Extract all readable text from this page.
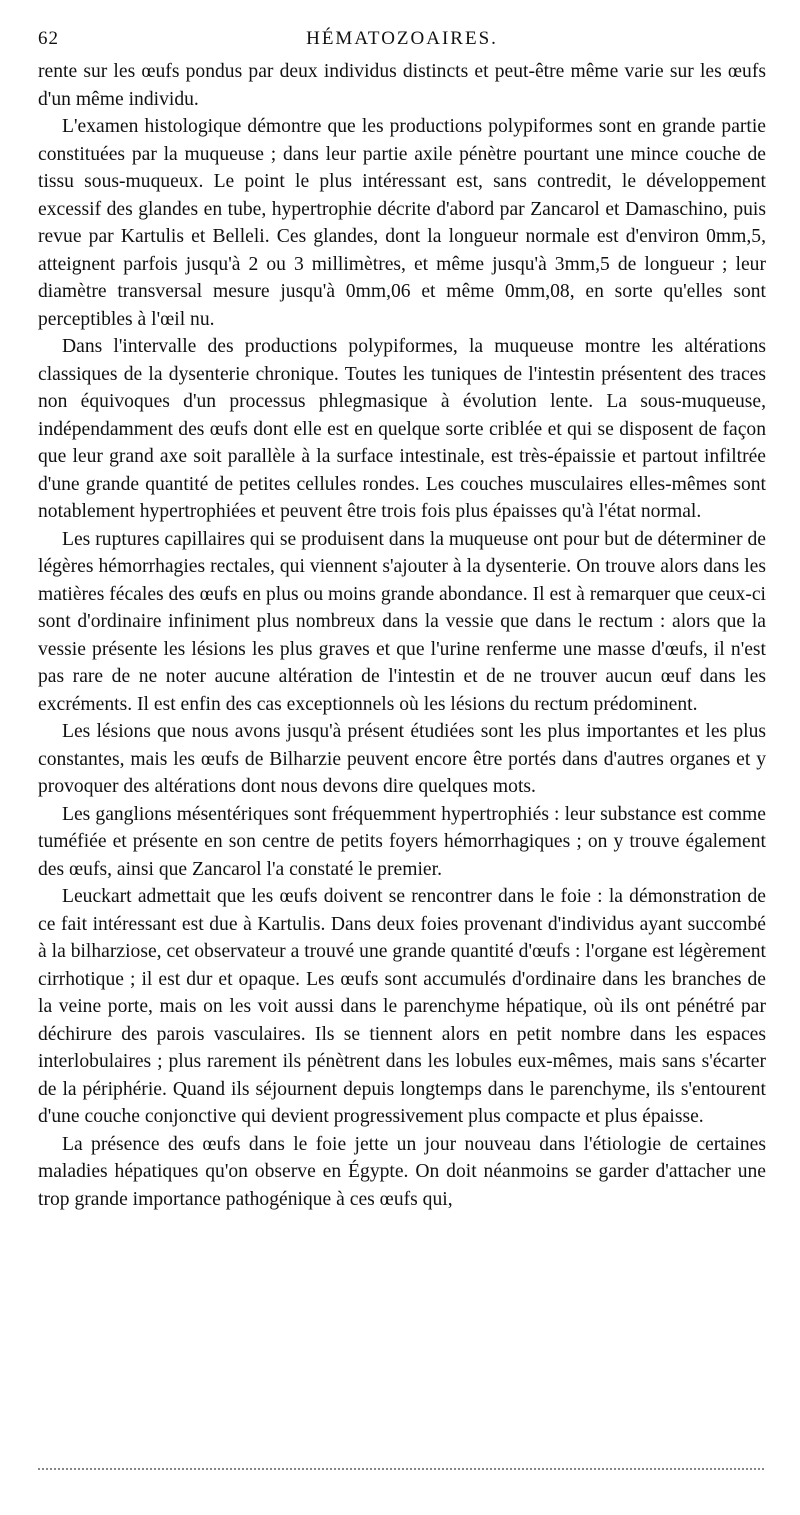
62	HÉMATOZOAIRES.

rente sur les œufs pondus par deux individus distincts et peut-être même varie sur les œufs d'un même individu.

L'examen histologique démontre que les productions polypiformes sont en grande partie constituées par la muqueuse ; dans leur partie axile pénètre pourtant une mince couche de tissu sous-muqueux. Le point le plus intéressant est, sans contredit, le développement excessif des glandes en tube, hypertrophie décrite d'abord par Zancarol et Damaschino, puis revue par Kartulis et Belleli. Ces glandes, dont la longueur normale est d'environ 0mm,5, atteignent parfois jusqu'à 2 ou 3 millimètres, et même jusqu'à 3mm,5 de longueur ; leur diamètre transversal mesure jusqu'à 0mm,06 et même 0mm,08, en sorte qu'elles sont perceptibles à l'œil nu.

Dans l'intervalle des productions polypiformes, la muqueuse montre les altérations classiques de la dysenterie chronique. Toutes les tuniques de l'intestin présentent des traces non équivoques d'un processus phlegmasique à évolution lente. La sous-muqueuse, indépendamment des œufs dont elle est en quelque sorte criblée et qui se disposent de façon que leur grand axe soit parallèle à la surface intestinale, est très-épaissie et partout infiltrée d'une grande quantité de petites cellules rondes. Les couches musculaires elles-mêmes sont notablement hypertrophiées et peuvent être trois fois plus épaisses qu'à l'état normal.

Les ruptures capillaires qui se produisent dans la muqueuse ont pour but de déterminer de légères hémorrhagies rectales, qui viennent s'ajouter à la dysenterie. On trouve alors dans les matières fécales des œufs en plus ou moins grande abondance. Il est à remarquer que ceux-ci sont d'ordinaire infiniment plus nombreux dans la vessie que dans le rectum : alors que la vessie présente les lésions les plus graves et que l'urine renferme une masse d'œufs, il n'est pas rare de ne noter aucune altération de l'intestin et de ne trouver aucun œuf dans les excréments. Il est enfin des cas exceptionnels où les lésions du rectum prédominent.

Les lésions que nous avons jusqu'à présent étudiées sont les plus importantes et les plus constantes, mais les œufs de Bilharzie peuvent encore être portés dans d'autres organes et y provoquer des altérations dont nous devons dire quelques mots.

Les ganglions mésentériques sont fréquemment hypertrophiés : leur substance est comme tuméfiée et présente en son centre de petits foyers hémorrhagiques ; on y trouve également des œufs, ainsi que Zancarol l'a constaté le premier.

Leuckart admettait que les œufs doivent se rencontrer dans le foie : la démonstration de ce fait intéressant est due à Kartulis. Dans deux foies provenant d'individus ayant succombé à la bilharziose, cet observateur a trouvé une grande quantité d'œufs : l'organe est légèrement cirrhotique ; il est dur et opaque. Les œufs sont accumulés d'ordinaire dans les branches de la veine porte, mais on les voit aussi dans le parenchyme hépatique, où ils ont pénétré par déchirure des parois vasculaires. Ils se tiennent alors en petit nombre dans les espaces interlobulaires ; plus rarement ils pénètrent dans les lobules eux-mêmes, mais sans s'écarter de la périphérie. Quand ils séjournent depuis longtemps dans le parenchyme, ils s'entourent d'une couche conjonctive qui devient progressivement plus compacte et plus épaisse.

La présence des œufs dans le foie jette un jour nouveau dans l'étiologie de certaines maladies hépatiques qu'on observe en Égypte. On doit néanmoins se garder d'attacher une trop grande importance pathogénique à ces œufs qui,
